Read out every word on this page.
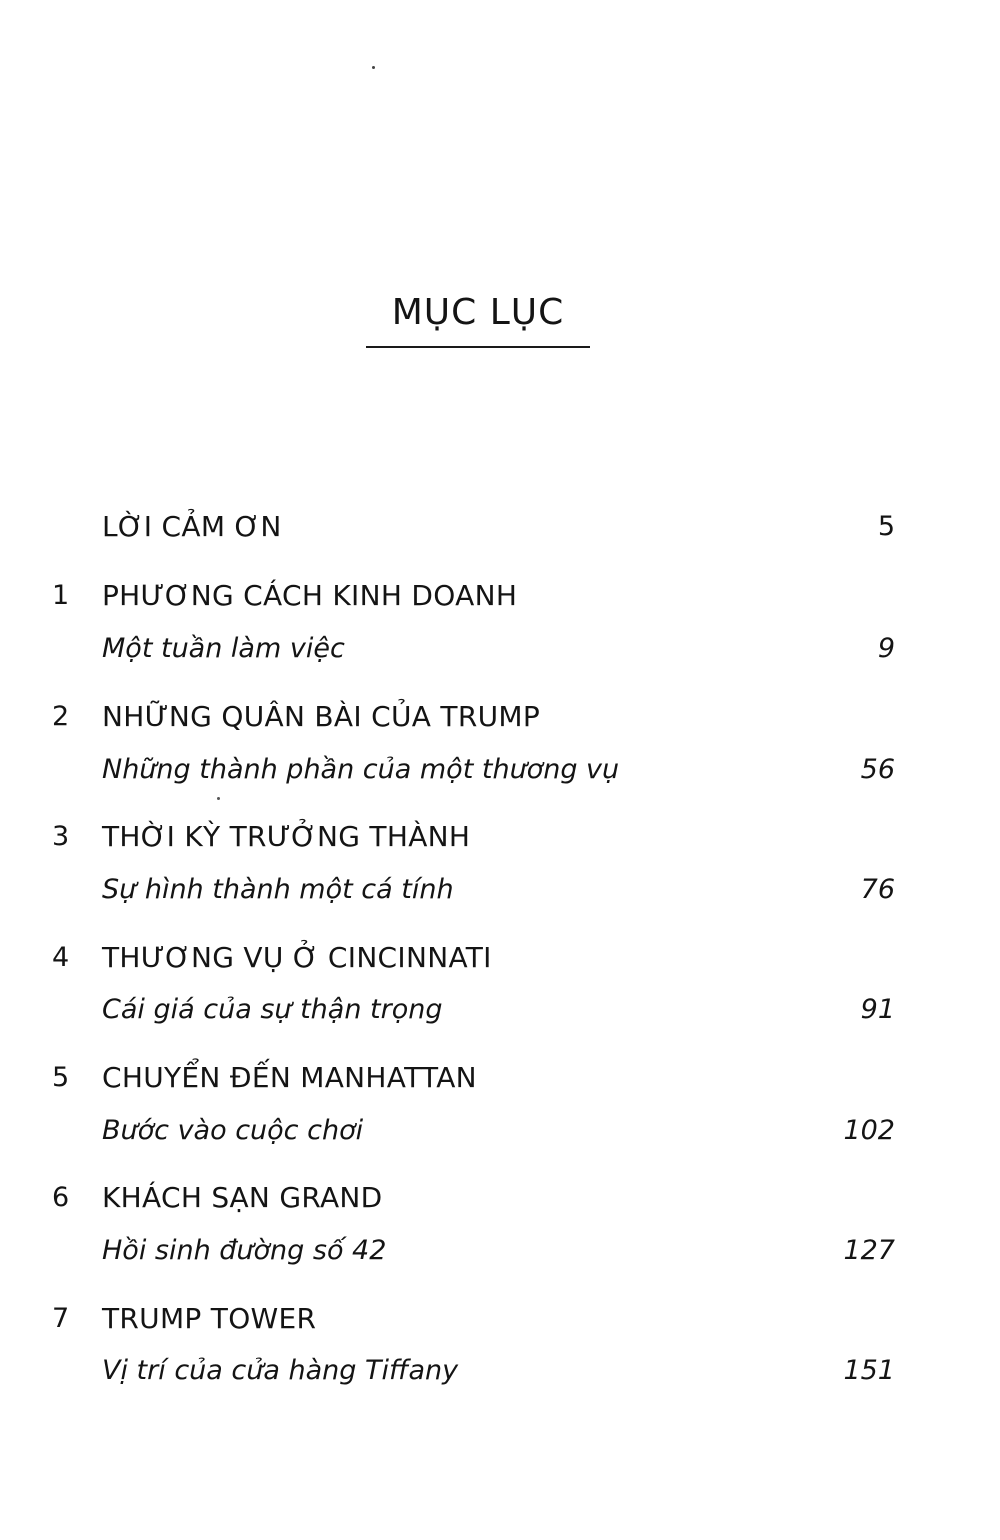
MỤC LỤC
LỜI CẢM ƠN	5
1	PHƯƠNG CÁCH KINH DOANH
Một tuần làm việc	9
2	NHỮNG QUÂN BÀI CỦA TRUMP
Những thành phần của một thương vụ	56
3	THỜI KỲ TRƯỞNG THÀNH
Sự hình thành một cá tính	76
4	THƯƠNG VỤ Ở CINCINNATI
Cái giá của sự thận trọng	91
5	CHUYỂN ĐẾN MANHATTAN
Bước vào cuộc chơi	102
6	KHÁCH SẠN GRAND
Hồi sinh đường số 42	127
7	TRUMP TOWER
Vị trí của cửa hàng Tiffany	151
